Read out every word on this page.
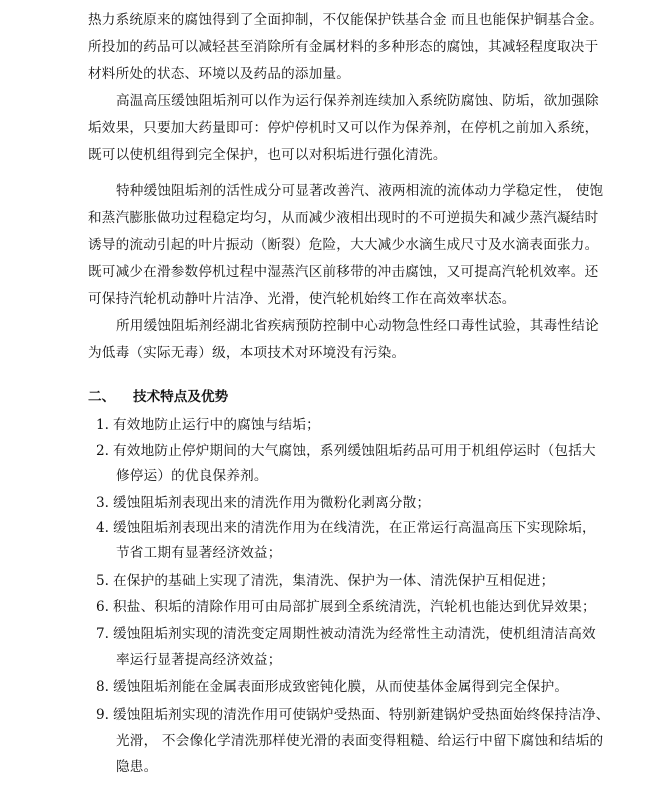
热力系统原来的腐蚀得到了全面抑制，不仅能保护铁基合金 而且也能保护铜基合金。
所投加的药品可以减轻甚至消除所有金属材料的多种形态的腐蚀，其减轻程度取决于
材料所处的状态、环境以及药品的添加量。
高温高压缓蚀阻垢剂可以作为运行保养剂连续加入系统防腐蚀、防垢，欲加强除
垢效果，只要加大药量即可：停炉停机时又可以作为保养剂，在停机之前加入系统，
既可以使机组得到完全保护，也可以对积垢进行强化清洗。
特种缓蚀阻垢剂的活性成分可显著改善汽、液两相流的流体动力学稳定性， 使饱
和蒸汽膨胀做功过程稳定均匀，从而减少液相出现时的不可逆损失和减少蒸汽凝结时
诱导的流动引起的叶片振动（断裂）危险，大大减少水滴生成尺寸及水滴表面张力。
既可减少在滑参数停机过程中湿蒸汽区前移带的冲击腐蚀，又可提高汽轮机效率。还
可保持汽轮机动静叶片洁净、光滑，使汽轮机始终工作在高效率状态。
所用缓蚀阻垢剂经湖北省疾病预防控制中心动物急性经口毒性试验，其毒性结论
为低毒（实际无毒）级，本项技术对环境没有污染。
二、 技术特点及优势
1. 有效地防止运行中的腐蚀与结垢；
2. 有效地防止停炉期间的大气腐蚀，系列缓蚀阻垢药品可用于机组停运时（包括大
修停运）的优良保养剂。
3. 缓蚀阻垢剂表现出来的清洗作用为微粉化剥离分散；
4. 缓蚀阻垢剂表现出来的清洗作用为在线清洗，在正常运行高温高压下实现除垢，
节省工期有显著经济效益；
5. 在保护的基础上实现了清洗，集清洗、保护为一体、清洗保护互相促进；
6. 积盐、积垢的清除作用可由局部扩展到全系统清洗，汽轮机也能达到优异效果；
7. 缓蚀阻垢剂实现的清洗变定周期性被动清洗为经常性主动清洗，使机组清洁高效
率运行显著提高经济效益；
8. 缓蚀阻垢剂能在金属表面形成致密钝化膜，从而使基体金属得到完全保护。
9. 缓蚀阻垢剂实现的清洗作用可使锅炉受热面、特别新建锅炉受热面始终保持洁净、
光滑， 不会像化学清洗那样使光滑的表面变得粗糙、给运行中留下腐蚀和结垢的
隐患。
